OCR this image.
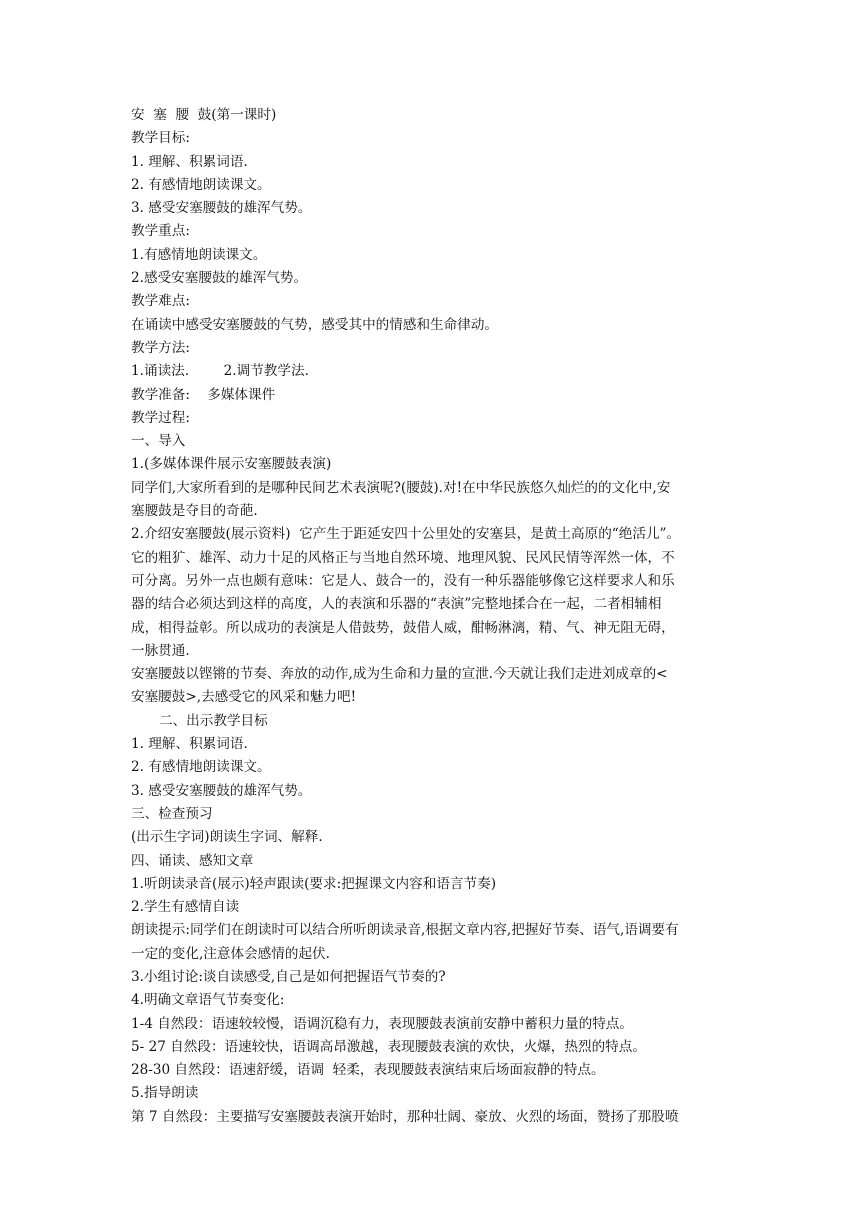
安  塞  腰  鼓(第一课时)
教学目标:
1. 理解、积累词语.
2. 有感情地朗读课文。
3. 感受安塞腰鼓的雄浑气势。
教学重点:
1.有感情地朗读课文。
2.感受安塞腰鼓的雄浑气势。
教学难点:
在诵读中感受安塞腰鼓的气势，感受其中的情感和生命律动。
教学方法:
1.诵读法.        2.调节教学法.
教学准备:    多媒体课件
教学过程:
一、导入
1.(多媒体课件展示安塞腰鼓表演)
同学们,大家所看到的是哪种民间艺术表演呢?(腰鼓).对!在中华民族悠久灿烂的的文化中,安
塞腰鼓是夺目的奇葩.
2.介绍安塞腰鼓(展示资料)  它产生于距延安四十公里处的安塞县，是黄土高原的“绝活儿”。
它的粗犷、雄浑、动力十足的风格正与当地自然环境、地理风貌、民风民情等浑然一体，不
可分离。另外一点也颇有意味：它是人、鼓合一的，没有一种乐器能够像它这样要求人和乐
器的结合必须达到这样的高度，人的表演和乐器的“表演”完整地揉合在一起，二者相辅相
成，相得益彰。所以成功的表演是人借鼓势，鼓借人威，酣畅淋漓，精、气、神无阻无碍，
一脉贯通.
安塞腰鼓以铿锵的节奏、奔放的动作,成为生命和力量的宣泄.今天就让我们走进刘成章的<
安塞腰鼓>,去感受它的风采和魅力吧!
二、出示教学目标
1. 理解、积累词语.
2. 有感情地朗读课文。
3. 感受安塞腰鼓的雄浑气势。
三、检查预习
(出示生字词)朗读生字词、解释.
四、诵读、感知文章
1.听朗读录音(展示)轻声跟读(要求:把握课文内容和语言节奏)
2.学生有感情自读
朗读提示:同学们在朗读时可以结合所听朗读录音,根据文章内容,把握好节奏、语气,语调要有
一定的变化,注意体会感情的起伏.
3.小组讨论:谈自读感受,自己是如何把握语气节奏的?
4.明确文章语气节奏变化:
1-4 自然段：语速较较慢，语调沉稳有力，表现腰鼓表演前安静中蓄积力量的特点。
5- 27 自然段：语速较快，语调高昂激越，表现腰鼓表演的欢快，火爆，热烈的特点。
28-30 自然段：语速舒缓，语调  轻柔，表现腰鼓表演结束后场面寂静的特点。
5.指导朗读
第 7 自然段：主要描写安塞腰鼓表演开始时，那种壮阔、豪放、火烈的场面，赞扬了那股喷
